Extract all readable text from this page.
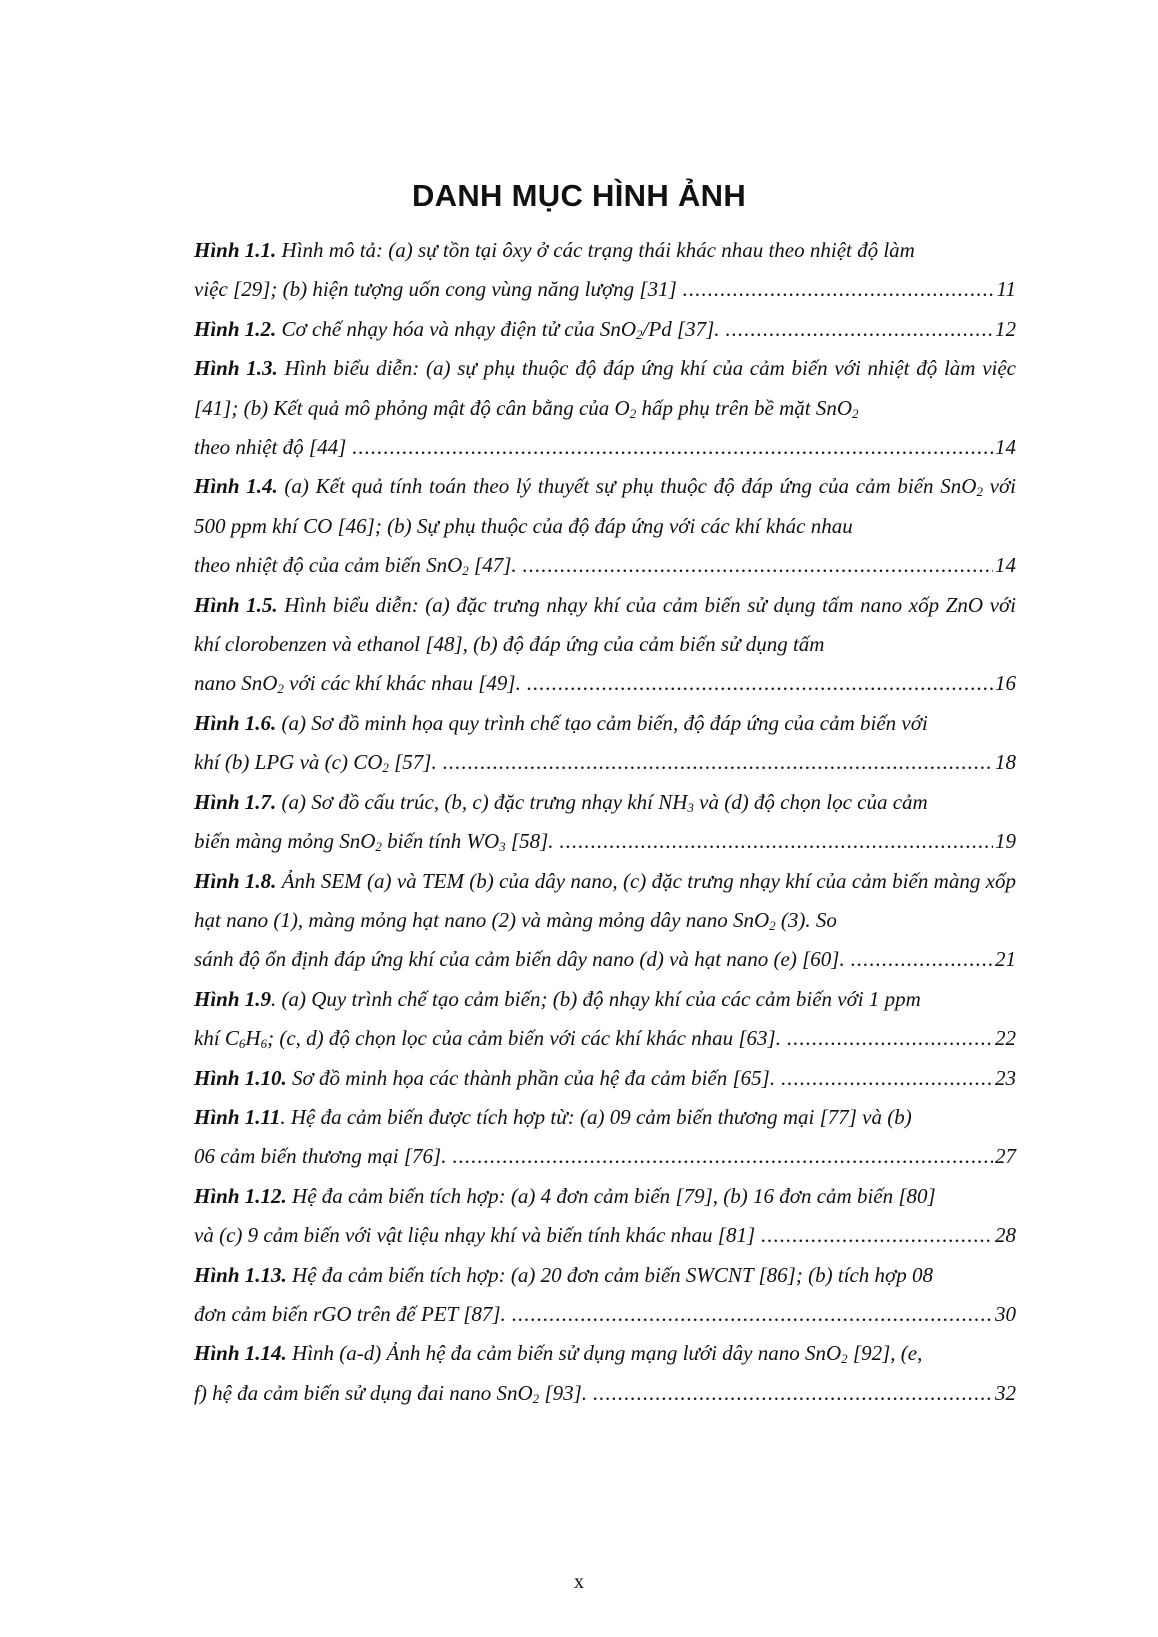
DANH MỤC HÌNH ẢNH
Hình 1.1. Hình mô tả: (a) sự tồn tại ôxy ở các trạng thái khác nhau theo nhiệt độ làm
việc [29]; (b) hiện tượng uốn cong vùng năng lượng [31] .....	11
Hình 1.2. Cơ chế nhạy hóa và nhạy điện tử của SnO$_2$/Pd [37]. .....	12
Hình 1.3. Hình biểu diễn: (a) sự phụ thuộc độ đáp ứng khí của cảm biến với nhiệt độ làm việc [41]; (b) Kết quả mô phỏng mật độ cân bằng của $O_2$ hấp phụ trên bề mặt SnO$_2$
theo nhiệt độ [44] .....	14
Hình 1.4. (a) Kết quả tính toán theo lý thuyết sự phụ thuộc độ đáp ứng của cảm biến SnO$_2$ với 500 ppm khí CO [46]; (b) Sự phụ thuộc của độ đáp ứng với các khí khác nhau
theo nhiệt độ của cảm biến SnO$_2$ [47]. .....	14
Hình 1.5. Hình biểu diễn: (a) đặc trưng nhạy khí của cảm biến sử dụng tấm nano xốp ZnO với khí clorobenzen và ethanol [48], (b) độ đáp ứng của cảm biến sử dụng tấm
nano SnO$_2$ với các khí khác nhau [49]. .....	16
Hình 1.6. (a) Sơ đồ minh họa quy trình chế tạo cảm biến, độ đáp ứng của cảm biến với
khí (b) LPG và (c) $CO_2$ [57]. .....	18
Hình 1.7. (a) Sơ đồ cấu trúc, (b, c) đặc trưng nhạy khí $NH_3$ và (d) độ chọn lọc của cảm
biến màng mỏng SnO$_2$ biến tính $WO_3$ [58]. .....	19
Hình 1.8. Ảnh SEM (a) và TEM (b) của dây nano, (c) đặc trưng nhạy khí của cảm biến màng xốp hạt nano (1), màng mỏng hạt nano (2) và màng mỏng dây nano SnO$_2$ (3). So
sánh độ ổn định đáp ứng khí của cảm biến dây nano (d) và hạt nano (e) [60]. .....	21
Hình 1.9. (a) Quy trình chế tạo cảm biến; (b) độ nhạy khí của các cảm biến với 1 ppm
khí $C_6H_6$; (c, d) độ chọn lọc của cảm biến với các khí khác nhau [63]. .....	22
Hình 1.10. Sơ đồ minh họa các thành phần của hệ đa cảm biến [65]. .....	23
Hình 1.11. Hệ đa cảm biến được tích hợp từ: (a) 09 cảm biến thương mại [77] và (b)
06 cảm biến thương mại [76]. .....	27
Hình 1.12. Hệ đa cảm biến tích hợp: (a) 4 đơn cảm biến [79], (b) 16 đơn cảm biến [80]
và (c) 9 cảm biến với vật liệu nhạy khí và biến tính khác nhau [81] .....	28
Hình 1.13. Hệ đa cảm biến tích hợp: (a) 20 đơn cảm biến SWCNT [86]; (b) tích hợp 08
đơn cảm biến rGO trên đế PET [87]. .....	30
Hình 1.14. Hình (a-d) Ảnh hệ đa cảm biến sử dụng mạng lưới dây nano SnO$_2$ [92], (e,
f) hệ đa cảm biến sử dụng đai nano SnO$_2$ [93]. .....	32
x
